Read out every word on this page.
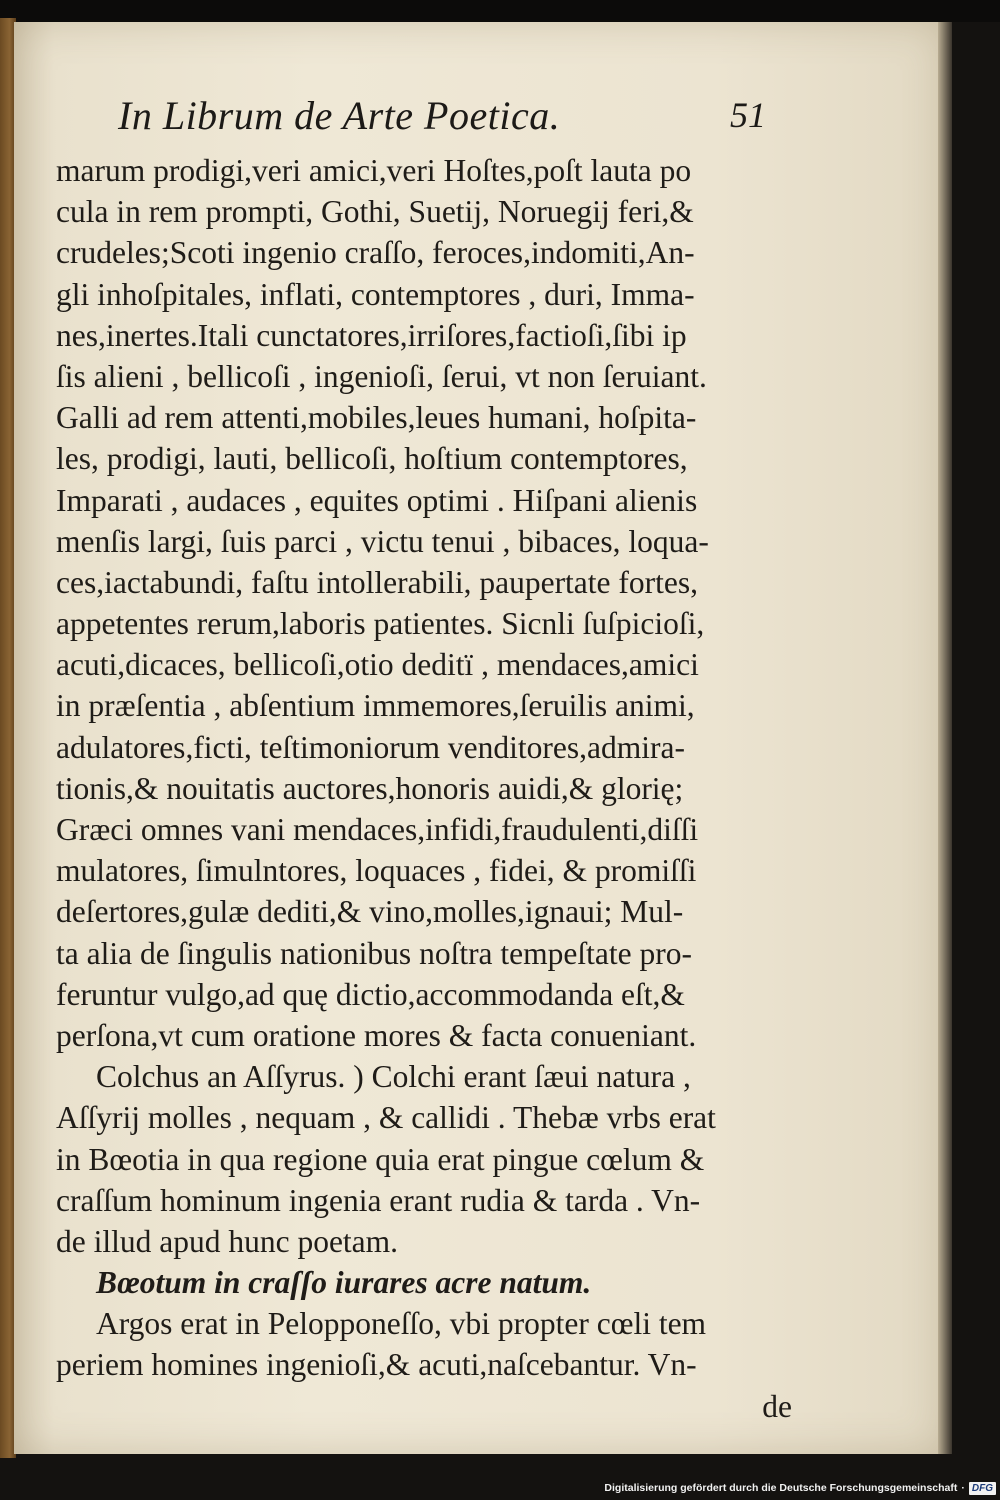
In Librum de Arte Poetica.	51
marum prodigi,veri amici,veri Hoſtes,poſt lauta po
cula in rem prompti, Gothi, Suetij, Noruegij feri,&
crudeles;Scoti ingenio craſſo, feroces,indomiti,An-
gli inhoſpitales, inflati, contemptores , duri, Imma-
nes,inertes.Itali cunctatores,irriſores,factioſi,ſibi ip
ſis alieni , bellicoſi , ingenioſi, ſerui, vt non ſeruiant.
Galli ad rem attenti,mobiles,leues humani, hoſpita-
les, prodigi, lauti, bellicoſi, hoſtium contemptores,
Imparati , audaces , equites optimi . Hiſpani alienis
menſis largi, ſuis parci , victu tenui , bibaces, loqua-
ces,iactabundi, faſtu intollerabili, paupertate fortes,
appetentes rerum,laboris patientes. Sicnli ſuſpicioſi,
acuti,dicaces, bellicoſi,otio deditï , mendaces,amici
in præſentia , abſentium immemores,ſeruilis animi,
adulatores,ficti, teſtimoniorum venditores,admira-
tionis,& nouitatis auctores,honoris auidi,& glorię;
Græci omnes vani mendaces,infidi,fraudulenti,diſſi
mulatores, ſimulntores, loquaces , fidei, & promiſſi
deſertores,gulæ dediti,& vino,molles,ignaui; Mul-
ta alia de ſingulis nationibus noſtra tempeſtate pro-
feruntur vulgo,ad quę dictio,accommodanda eſt,&
perſona,vt cum oratione mores & facta conueniant.
Colchus an Aſſyrus. ) Colchi erant ſæui natura ,
Aſſyrij molles , nequam , & callidi . Thebæ vrbs erat
in Bœotia in qua regione quia erat pingue cœlum &
craſſum hominum ingenia erant rudia & tarda . Vn-
de illud apud hunc poetam.
Bœotum in craſſo iurares acre natum.
Argos erat in Pelopponeſſo, vbi propter cœli tem
periem homines ingenioſi,& acuti,naſcebantur. Vn-
de
Digitalisierung gefördert durch die Deutsche Forschungsgemeinschaft · DFG
